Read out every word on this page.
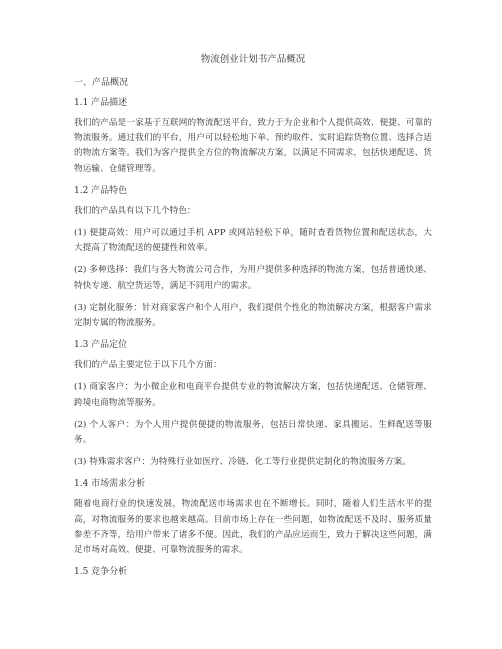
物流创业计划书产品概况
一、产品概况
1.1 产品描述
我们的产品是一家基于互联网的物流配送平台，致力于为企业和个人提供高效、便捷、可靠的物流服务。通过我们的平台，用户可以轻松地下单、预约取件、实时追踪货物位置、选择合适的物流方案等。我们为客户提供全方位的物流解决方案，以满足不同需求，包括快递配送、货物运输、仓储管理等。
1.2 产品特色
我们的产品具有以下几个特色：
(1) 便捷高效：用户可以通过手机 APP 或网站轻松下单，随时查看货物位置和配送状态，大大提高了物流配送的便捷性和效率。
(2) 多种选择：我们与各大物流公司合作，为用户提供多种选择的物流方案，包括普通快递、特快专递、航空货运等，满足不同用户的需求。
(3) 定制化服务：针对商家客户和个人用户，我们提供个性化的物流解决方案，根据客户需求定制专属的物流服务。
1.3 产品定位
我们的产品主要定位于以下几个方面：
(1) 商家客户：为小微企业和电商平台提供专业的物流解决方案，包括快递配送、仓储管理、跨境电商物流等服务。
(2) 个人客户：为个人用户提供便捷的物流服务，包括日常快递、家具搬运、生鲜配送等服务。
(3) 特殊需求客户：为特殊行业如医疗、冷链、化工等行业提供定制化的物流服务方案。
1.4 市场需求分析
随着电商行业的快速发展，物流配送市场需求也在不断增长。同时，随着人们生活水平的提高，对物流服务的要求也越来越高。目前市场上存在一些问题，如物流配送不及时、服务质量参差不齐等，给用户带来了诸多不便。因此，我们的产品应运而生，致力于解决这些问题，满足市场对高效、便捷、可靠物流服务的需求。
1.5 竞争分析
